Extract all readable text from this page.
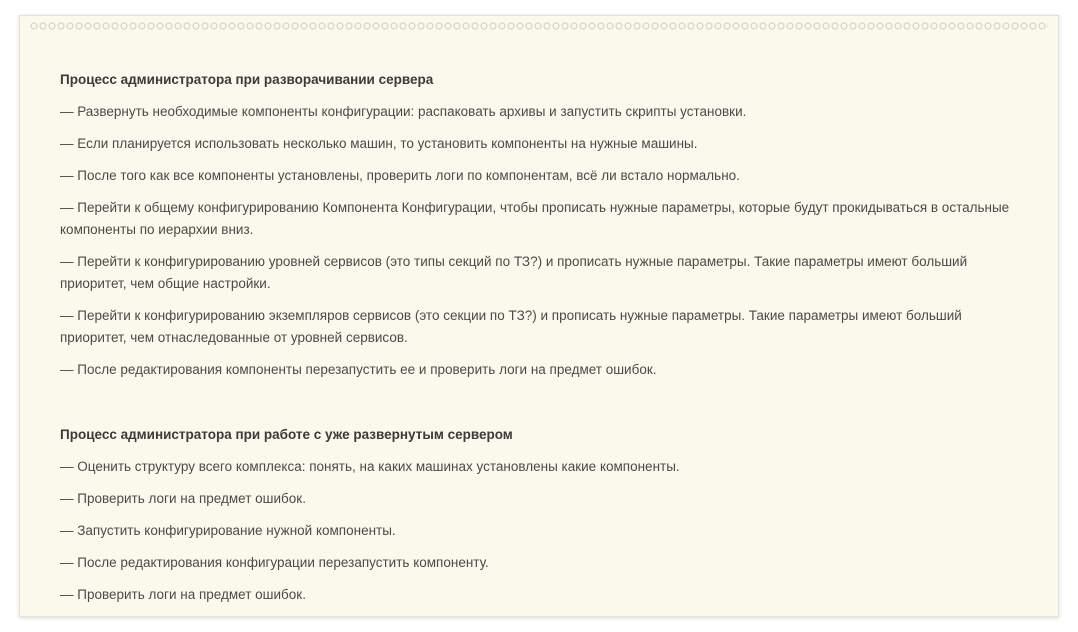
Процесс администратора при разворачивании сервера
— Развернуть необходимые компоненты конфигурации: распаковать архивы и запустить скрипты установки.
— Если планируется использовать несколько машин, то установить компоненты на нужные машины.
— После того как все компоненты установлены, проверить логи по компонентам, всё ли встало нормально.
— Перейти к общему конфигурированию Компонента Конфигурации, чтобы прописать нужные параметры, которые будут прокидываться в остальные компоненты по иерархии вниз.
— Перейти к конфигурированию уровней сервисов (это типы секций по ТЗ?) и прописать нужные параметры. Такие параметры имеют больший приоритет, чем общие настройки.
— Перейти к конфигурированию экземпляров сервисов (это секции по ТЗ?) и прописать нужные параметры. Такие параметры имеют больший приоритет, чем отнаследованные от уровней сервисов.
— После редактирования компоненты перезапустить ее и проверить логи на предмет ошибок.
Процесс администратора при работе с уже развернутым сервером
— Оценить структуру всего комплекса: понять, на каких машинах установлены какие компоненты.
— Проверить логи на предмет ошибок.
— Запустить конфигурирование нужной компоненты.
— После редактирования конфигурации перезапустить компоненту.
— Проверить логи на предмет ошибок.
